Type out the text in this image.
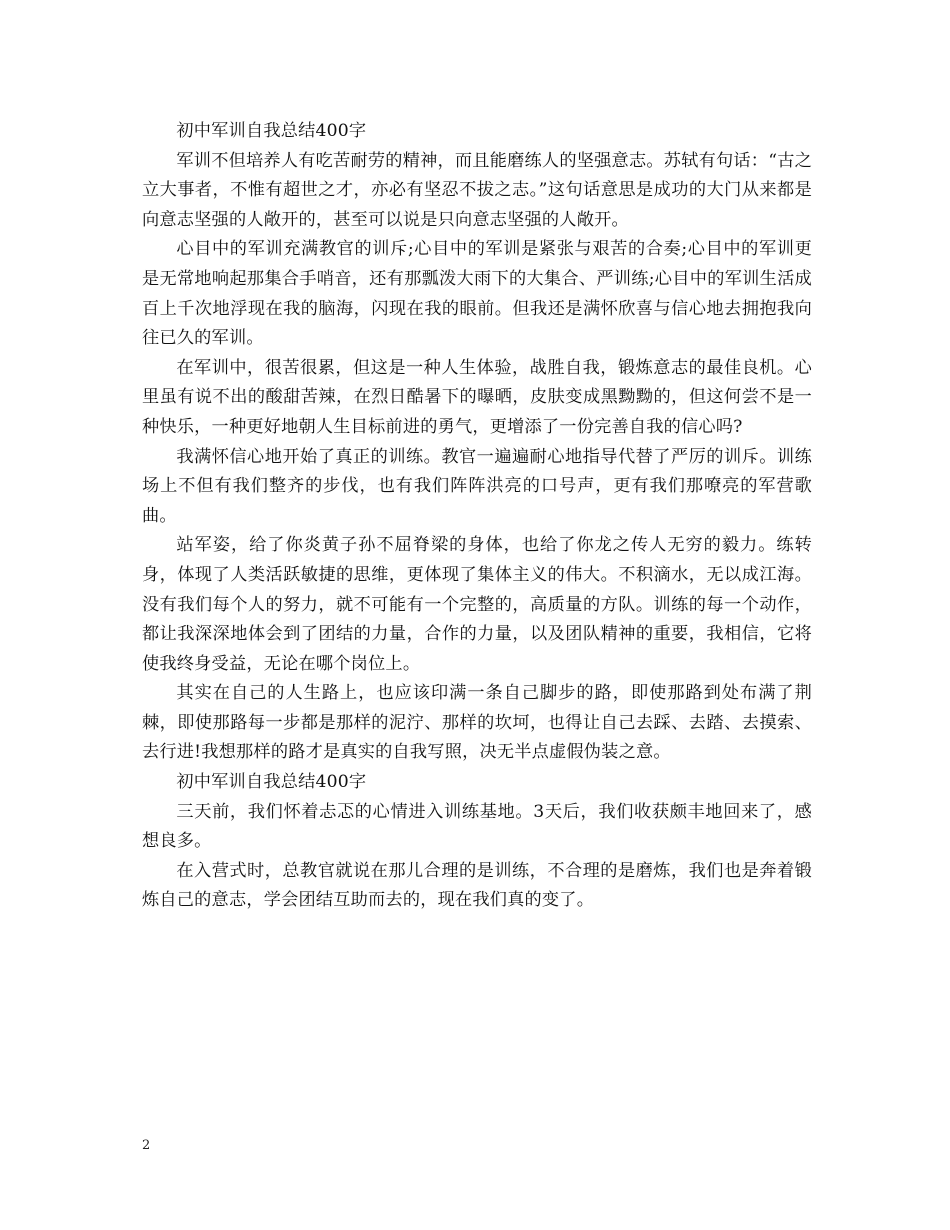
初中军训自我总结400字

军训不但培养人有吃苦耐劳的精神，而且能磨练人的坚强意志。苏轼有句话：“古之立大事者，不惟有超世之才，亦必有坚忍不拔之志。”这句话意思是成功的大门从来都是向意志坚强的人敞开的，甚至可以说是只向意志坚强的人敞开。

心目中的军训充满教官的训斥;心目中的军训是紧张与艰苦的合奏;心目中的军训更是无常地响起那集合手哨音，还有那瓢泼大雨下的大集合、严训练;心目中的军训生活成百上千次地浮现在我的脑海，闪现在我的眼前。但我还是满怀欣喜与信心地去拥抱我向往已久的军训。

在军训中，很苦很累，但这是一种人生体验，战胜自我，锻炼意志的最佳良机。心里虽有说不出的酸甜苦辣，在烈日酷暑下的曝晒，皮肤变成黑黝黝的，但这何尝不是一种快乐，一种更好地朝人生目标前进的勇气，更增添了一份完善自我的信心吗?

我满怀信心地开始了真正的训练。教官一遍遍耐心地指导代替了严厉的训斥。训练场上不但有我们整齐的步伐，也有我们阵阵洪亮的口号声，更有我们那嘹亮的军营歌曲。

站军姿，给了你炎黄子孙不屈脊梁的身体，也给了你龙之传人无穷的毅力。练转身，体现了人类活跃敏捷的思维，更体现了集体主义的伟大。不积滴水，无以成江海。没有我们每个人的努力，就不可能有一个完整的，高质量的方队。训练的每一个动作，都让我深深地体会到了团结的力量，合作的力量，以及团队精神的重要，我相信，它将使我终身受益，无论在哪个岗位上。

其实在自己的人生路上，也应该印满一条自己脚步的路，即使那路到处布满了荆棘，即使那路每一步都是那样的泥泞、那样的坎坷，也得让自己去踩、去踏、去摸索、去行进!我想那样的路才是真实的自我写照，决无半点虚假伪装之意。

初中军训自我总结400字

三天前，我们怀着忐忑的心情进入训练基地。3天后，我们收获颇丰地回来了，感想良多。

在入营式时，总教官就说在那儿合理的是训练，不合理的是磨炼，我们也是奔着锻炼自己的意志，学会团结互助而去的，现在我们真的变了。

2
